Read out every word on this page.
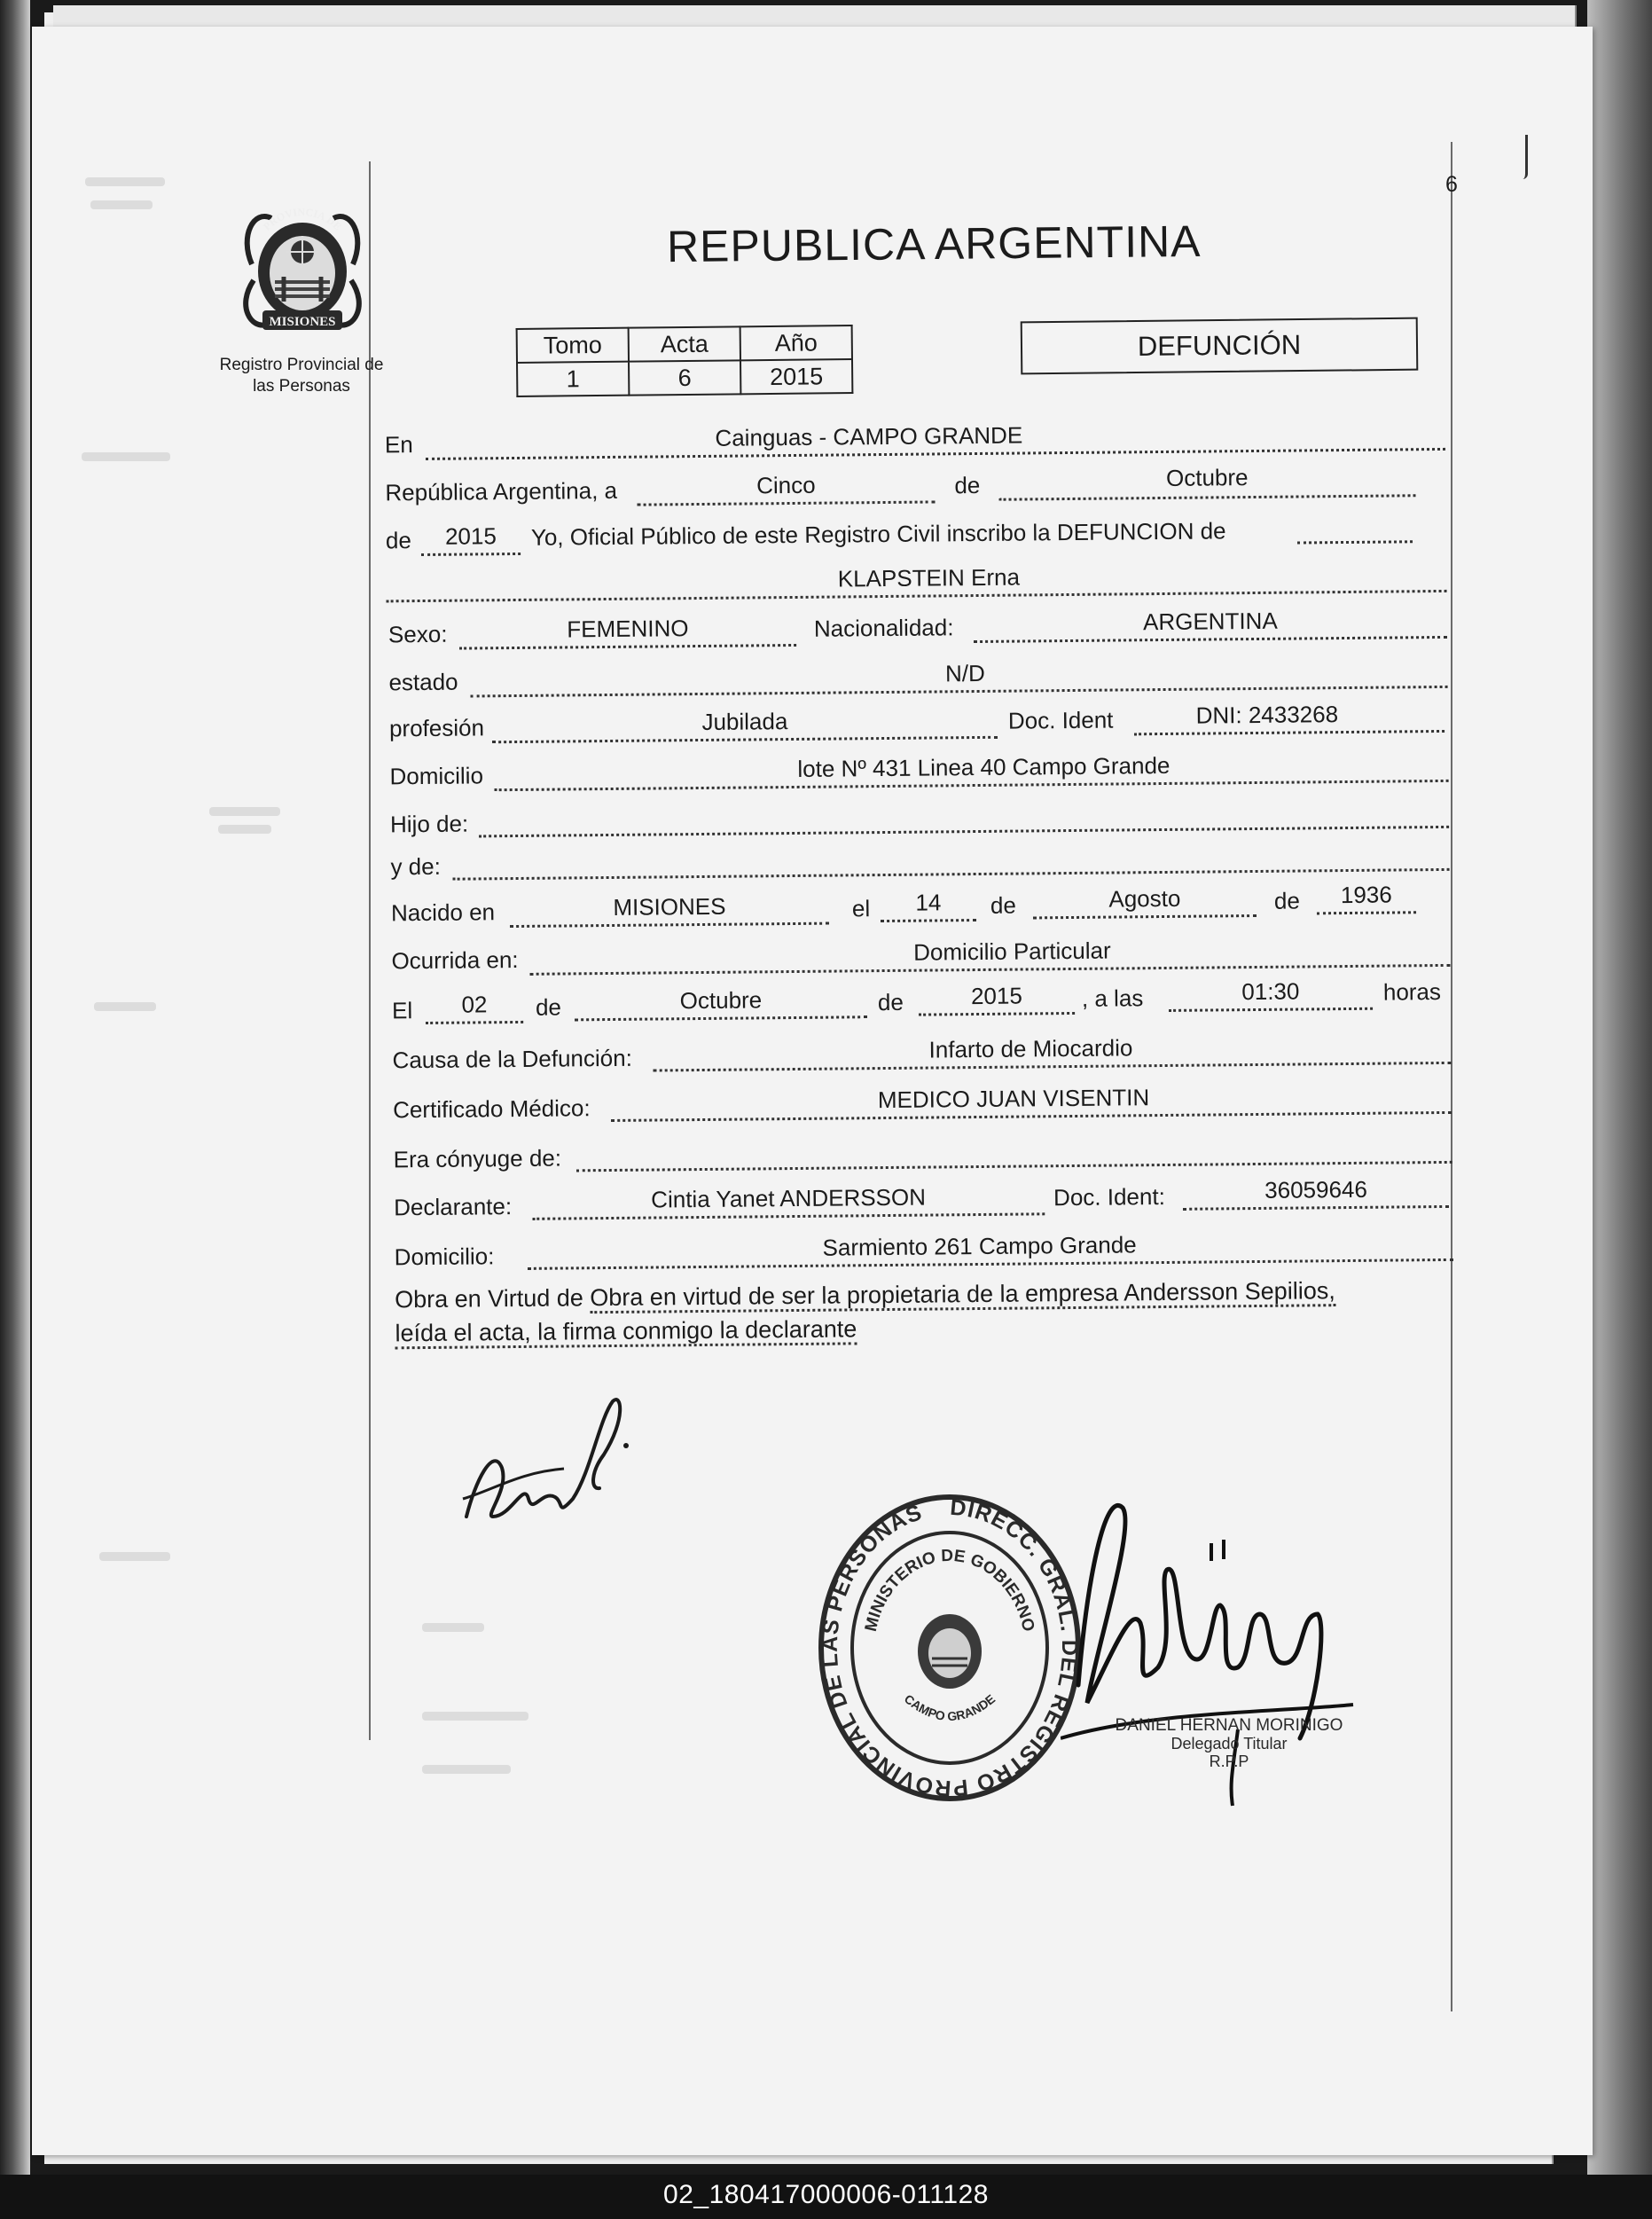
6
PROVINCIA DE
MISIONES
Registro Provincial de
las Personas
REPUBLICA ARGENTINA
Tomo	Acta	Año
1	6	2015
DEFUNCIÓN
En	Cainguas - CAMPO GRANDE
República Argentina, a	Cinco	de	Octubre
de	2015	Yo, Oficial Público de este Registro Civil inscribo la DEFUNCION de
KLAPSTEIN Erna
Sexo:	FEMENINO	Nacionalidad:	ARGENTINA
estado	N/D
profesión	Jubilada	Doc. Ident	DNI: 2433268
Domicilio	lote Nº 431 Linea 40 Campo Grande
Hijo de:
y de:
Nacido en	MISIONES	el	14	de	Agosto	de	1936
Ocurrida en:	Domicilio Particular
El	02	de	Octubre	de	2015	, a las	01:30	horas
Causa de la Defunción:	Infarto de Miocardio
Certificado Médico:	MEDICO JUAN VISENTIN
Era cónyuge de:
Declarante:	Cintia Yanet ANDERSSON	Doc. Ident:	36059646
Domicilio:	Sarmiento 261 Campo Grande
Obra en Virtud de Obra en virtud de ser la propietaria de la empresa Andersson Sepilios,
leída el acta, la firma conmigo la declarante
DIRECC. GRAL. DEL REGISTRO PROVINCIAL DE LAS PERSONAS
MINISTERIO DE GOBIERNO
CAMPO GRANDE
DANIEL HERNAN MORINIGO
Delegado Titular
R.P.P
02_180417000006-011128
